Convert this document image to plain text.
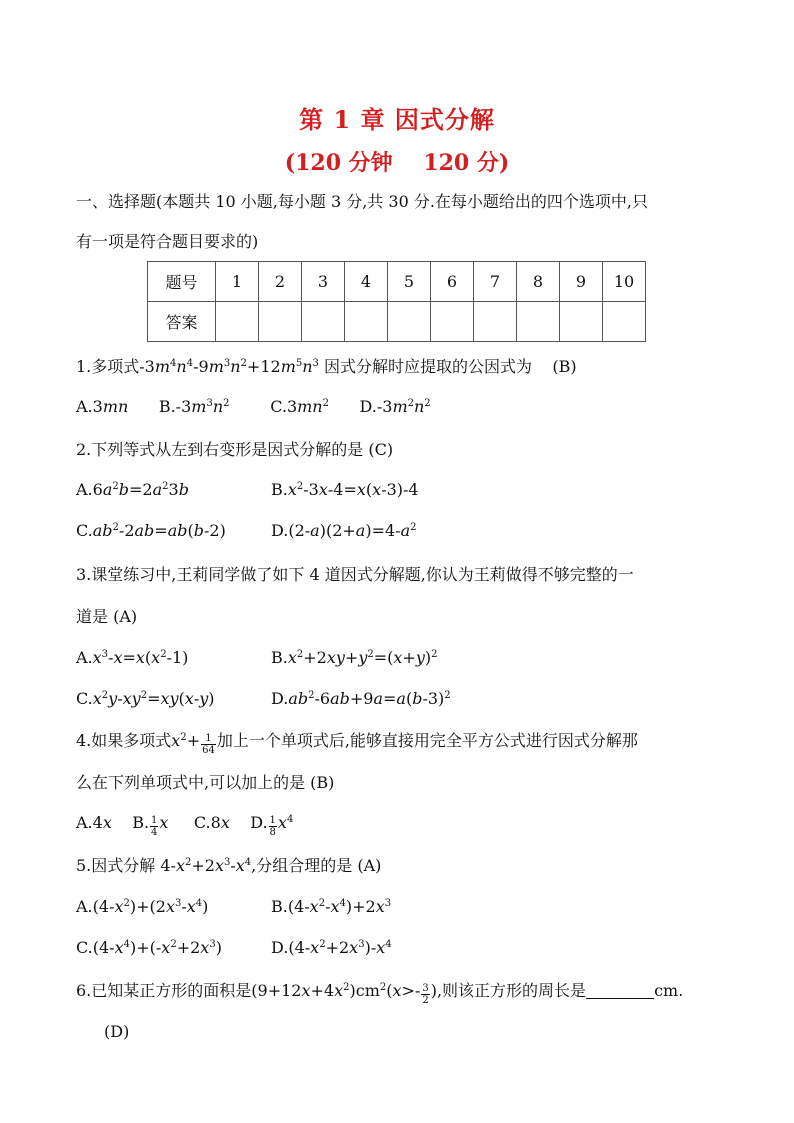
第 1 章 因式分解
(120 分钟    120 分)
一、选择题(本题共 10 小题,每小题 3 分,共 30 分.在每小题给出的四个选项中,只
有一项是符合题目要求的)
题号	1	2	3	4	5	6	7	8	9	10
答案										
1.多项式$-3m^4n^4-9m^3n^2+12m^5n^3$ 因式分解时应提取的公因式为    (B)
A.3mn $B.-3m^3n^2$	$C.3mn^2$ $D.-3m^2n^2$
2.下列等式从左到右变形是因式分解的是 (C)
$A.6a^2b=2a^23b$	$B.x^2-3x-4=x(x-3)-4$
$C.ab^2-2ab=ab(b-2)$	$D.(2-a)(2+a)=4-a^2$
3.课堂练习中,王莉同学做了如下 4 道因式分解题,你认为王莉做得不够完整的一
道是 (A)
$A.x^3-x=x(x^2-1)$	$B.x^2+2xy+y^2=(x+y)^2$
$C.x^2y-xy^2=xy(x-y)$	$D.ab^2-6ab+9a=a(b-3)^2$
4.如果多项式$x^2+ \frac{1}{64}$ 加上一个单项式后,能够直接用完全平方公式进行因式分解那
么在下列单项式中,可以加上的是 (B)
A.4x    B. $\frac{1}{4}$ x     C.8x    D. $\frac{1}{8} x^4$
5.因式分解 $4-x^2+2x^3-x^4$,分组合理的是 (A)
$A.(4-x^2)+(2x^3-x^4)$	$B.(4-x^2-x^4)+2x^3$
$C.(4-x^4)+(-x^2+2x^3)$	$D.(4-x^2+2x^3)-x^4$
6.已知某正方形的面积是$(9+12x+4x^2)cm^2(x>- \frac{3}{2}$ ),则该正方形的周长是	cm.
(D)
